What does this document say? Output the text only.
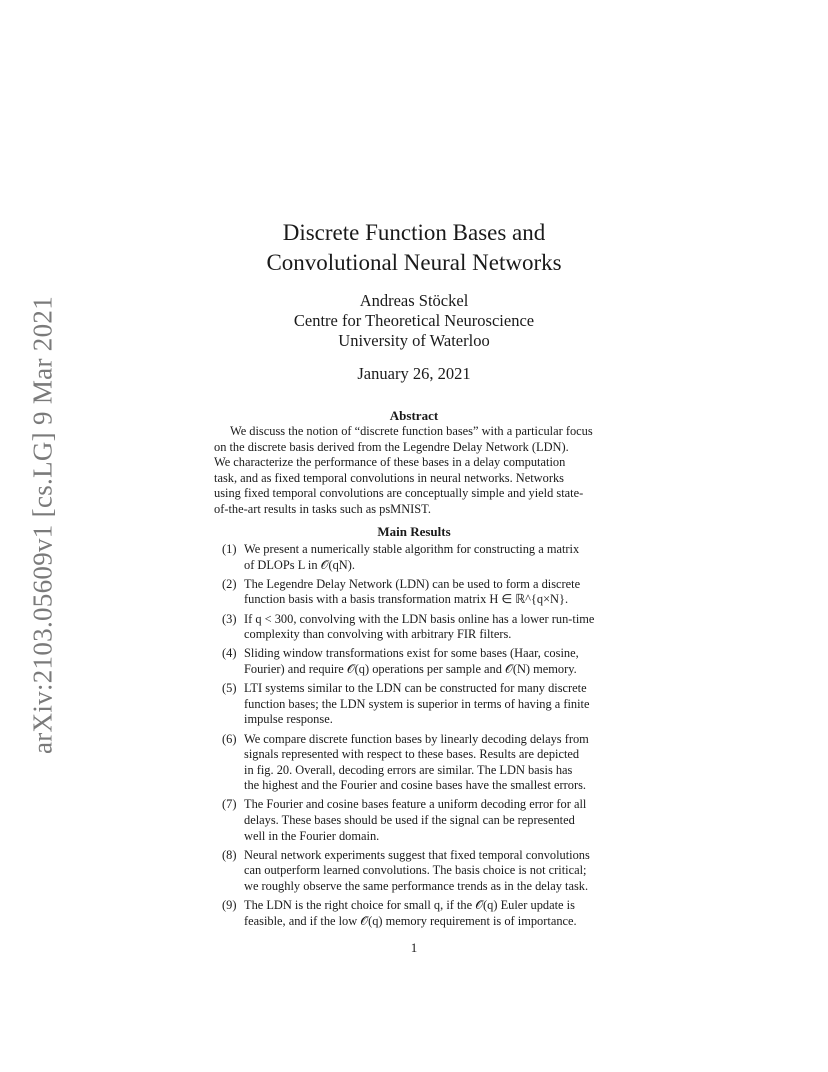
arXiv:2103.05609v1 [cs.LG] 9 Mar 2021
Discrete Function Bases and
Convolutional Neural Networks
Andreas Stöckel
Centre for Theoretical Neuroscience
University of Waterloo
January 26, 2021
Abstract
We discuss the notion of “discrete function bases” with a particular focus
on the discrete basis derived from the Legendre Delay Network (LDN).
We characterize the performance of these bases in a delay computation
task, and as fixed temporal convolutions in neural networks. Networks
using fixed temporal convolutions are conceptually simple and yield state-
of-the-art results in tasks such as psMNIST.
Main Results
(1) We present a numerically stable algorithm for constructing a matrix
of DLOPs L in 𝒪(qN).
(2) The Legendre Delay Network (LDN) can be used to form a discrete
function basis with a basis transformation matrix H ∈ ℝ^{q×N}.
(3) If q < 300, convolving with the LDN basis online has a lower run-time
complexity than convolving with arbitrary FIR filters.
(4) Sliding window transformations exist for some bases (Haar, cosine,
Fourier) and require 𝒪(q) operations per sample and 𝒪(N) memory.
(5) LTI systems similar to the LDN can be constructed for many discrete
function bases; the LDN system is superior in terms of having a finite
impulse response.
(6) We compare discrete function bases by linearly decoding delays from
signals represented with respect to these bases. Results are depicted
in fig. 20. Overall, decoding errors are similar. The LDN basis has
the highest and the Fourier and cosine bases have the smallest errors.
(7) The Fourier and cosine bases feature a uniform decoding error for all
delays. These bases should be used if the signal can be represented
well in the Fourier domain.
(8) Neural network experiments suggest that fixed temporal convolutions
can outperform learned convolutions. The basis choice is not critical;
we roughly observe the same performance trends as in the delay task.
(9) The LDN is the right choice for small q, if the 𝒪(q) Euler update is
feasible, and if the low 𝒪(q) memory requirement is of importance.
1
